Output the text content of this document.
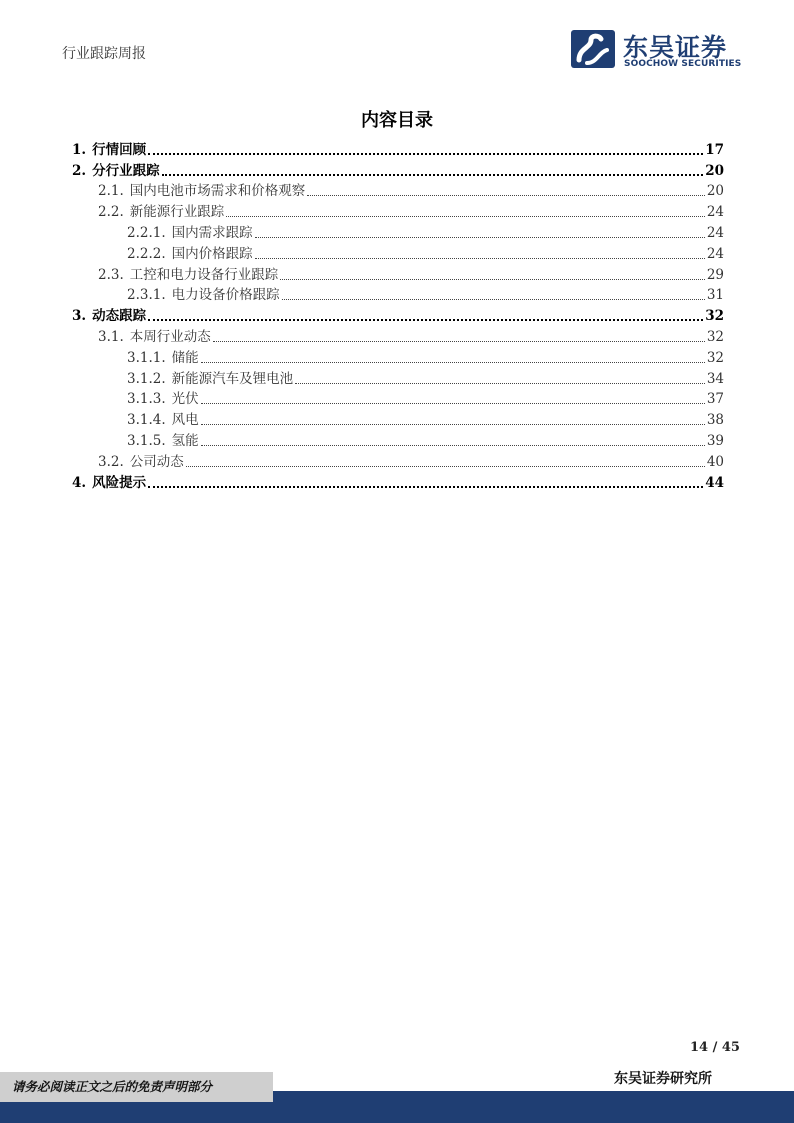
行业跟踪周报	东吴证券
SOOCHOW SECURITIES
内容目录
1. 行情回顾	17
2. 分行业跟踪	20
2.1. 国内电池市场需求和价格观察	20
2.2. 新能源行业跟踪	24
2.2.1. 国内需求跟踪	24
2.2.2. 国内价格跟踪	24
2.3. 工控和电力设备行业跟踪	29
2.3.1. 电力设备价格跟踪	31
3. 动态跟踪	32
3.1. 本周行业动态	32
3.1.1. 储能	32
3.1.2. 新能源汽车及锂电池	34
3.1.3. 光伏	37
3.1.4. 风电	38
3.1.5. 氢能	39
3.2. 公司动态	40
4. 风险提示	44
14 / 45
请务必阅读正文之后的免责声明部分	东吴证券研究所
